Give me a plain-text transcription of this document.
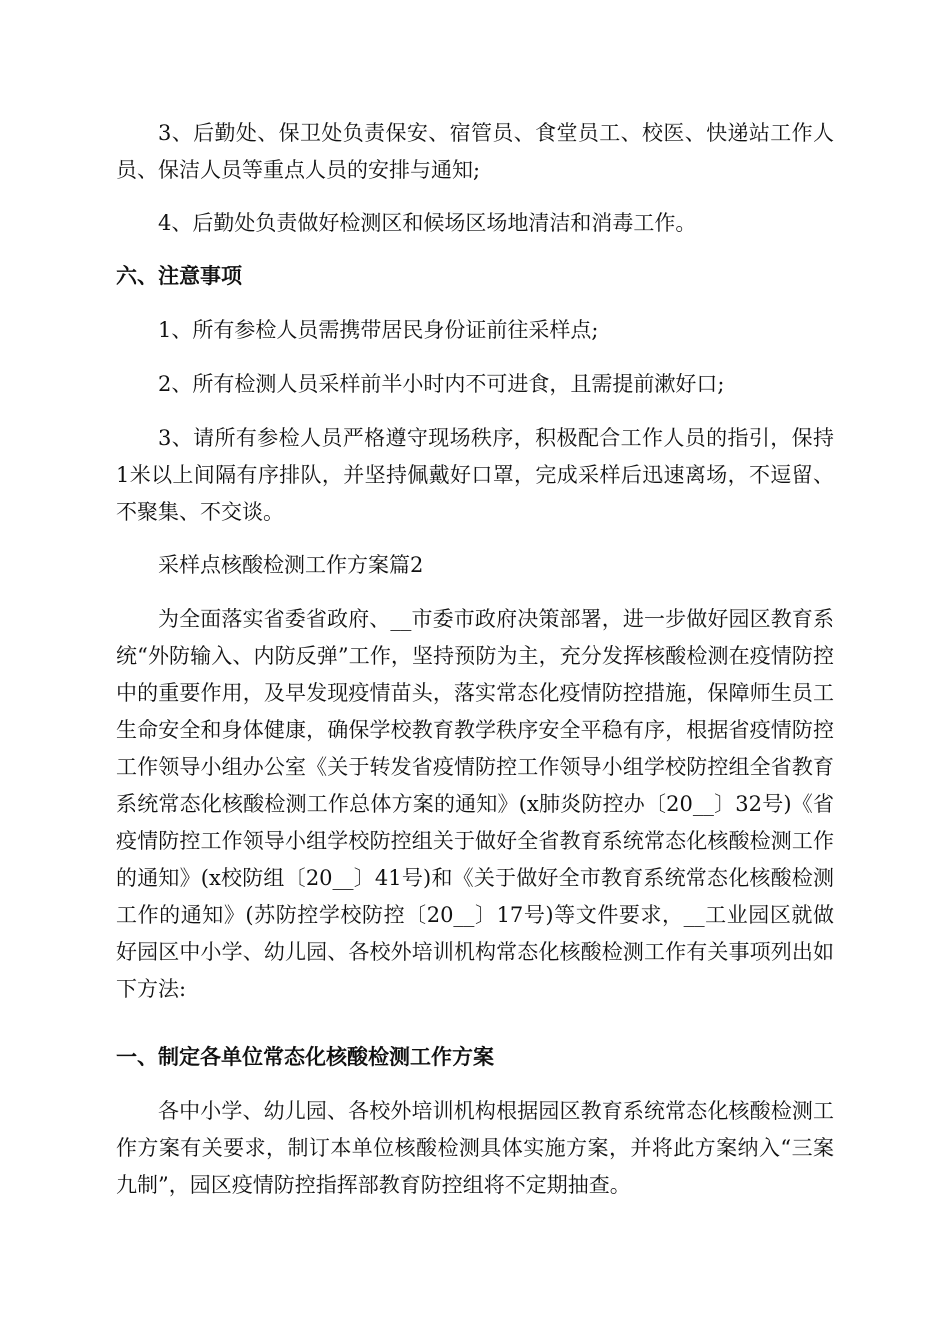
3、后勤处、保卫处负责保安、宿管员、食堂员工、校医、快递站工作人员、保洁人员等重点人员的安排与通知;

4、后勤处负责做好检测区和候场区场地清洁和消毒工作。

六、注意事项

1、所有参检人员需携带居民身份证前往采样点;

2、所有检测人员采样前半小时内不可进食，且需提前漱好口;

3、请所有参检人员严格遵守现场秩序，积极配合工作人员的指引，保持1米以上间隔有序排队，并坚持佩戴好口罩，完成采样后迅速离场，不逗留、不聚集、不交谈。

采样点核酸检测工作方案篇2

为全面落实省委省政府、__市委市政府决策部署，进一步做好园区教育系统“外防输入、内防反弹”工作，坚持预防为主，充分发挥核酸检测在疫情防控中的重要作用，及早发现疫情苗头，落实常态化疫情防控措施，保障师生员工生命安全和身体健康，确保学校教育教学秩序安全平稳有序，根据省疫情防控工作领导小组办公室《关于转发省疫情防控工作领导小组学校防控组全省教育系统常态化核酸检测工作总体方案的通知》(x肺炎防控办〔20__〕32号)《省疫情防控工作领导小组学校防控组关于做好全省教育系统常态化核酸检测工作的通知》(x校防组〔20__〕41号)和《关于做好全市教育系统常态化核酸检测工作的通知》(苏防控学校防控〔20__〕17号)等文件要求，__工业园区就做好园区中小学、幼儿园、各校外培训机构常态化核酸检测工作有关事项列出如下方法:

一、制定各单位常态化核酸检测工作方案

各中小学、幼儿园、各校外培训机构根据园区教育系统常态化核酸检测工作方案有关要求，制订本单位核酸检测具体实施方案，并将此方案纳入“三案九制”，园区疫情防控指挥部教育防控组将不定期抽查。
